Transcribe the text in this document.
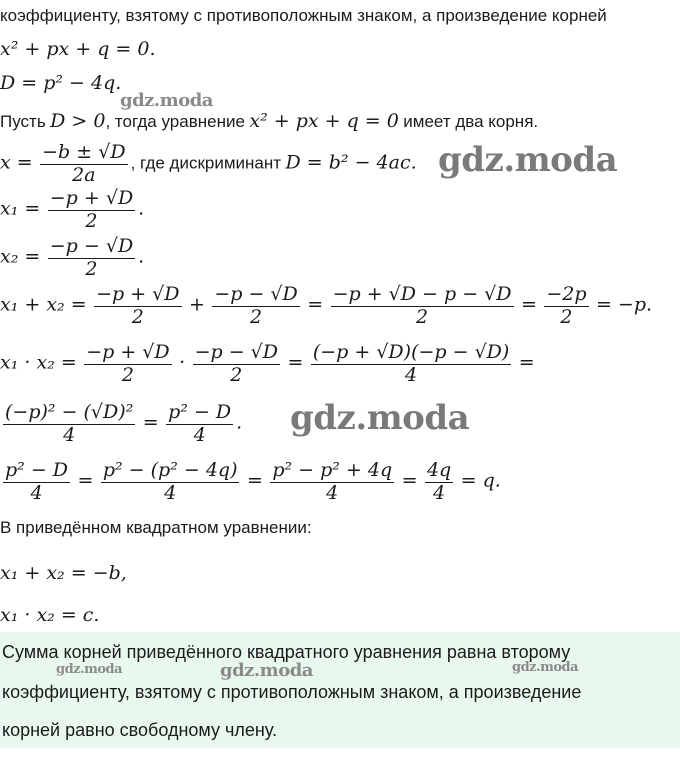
коэффициенту, взятому с противоположным знаком, а произведение корней
x² + px + q = 0.
D = p² − 4q.
gdz.moda
Пусть D > 0, тогда уравнение x² + px + q = 0 имеет два корня.
$x = \frac{-b \pm √D}{2a}$ , где дискриминант D = b² − 4ac. gdz.moda
$x_1 = \frac{-p + √D}{2}$ .
$x_2 = \frac{-p - √D}{2}$ .
$x_1 + x_2 = \frac{-p + √D}{2} + \frac{-p - √D}{2} = \frac{-p + √D - p - √D}{2} = \frac{-2p}{2} = -p$.
$x_1 \cdot x_2 = \frac{-p + √D}{2} \cdot \frac{-p - √D}{2} = \frac{(-p + √D)(-p - √D)}{4}$ =
$\frac{\text{(−p)² − (√D)²}}{4} = \frac{\text{p² − D}}{4}$ . gdz.moda
$\frac{\text{p² − D}}{4} = \frac{\text{p² − (p² − 4q)}}{4} = \frac{\text{p² − p² + 4q}}{4} = \frac{4q}{4} = q$.
В приведённом квадратном уравнении:
x₁ + x₂ = −b,
x₁ · x₂ = c.
Сумма корней приведённого квадратного уравнения равна второму
коэффициенту, взятому с противоположным знаком, а произведение
корней равно свободному члену.
gdz.moda	gdz.moda	gdz.moda
